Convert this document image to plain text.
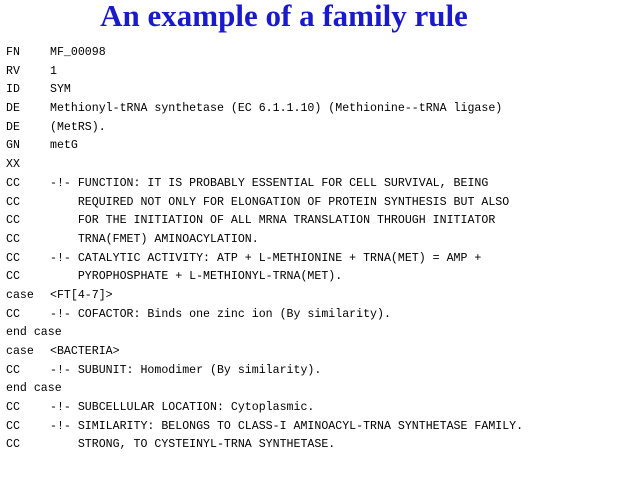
An example of a family rule
FN	MF_00098
RV	1
ID	SYM
DE	Methionyl-tRNA synthetase (EC 6.1.1.10) (Methionine--tRNA ligase)
DE	(MetRS).
GN	metG
XX
CC	-!- FUNCTION: IT IS PROBABLY ESSENTIAL FOR CELL SURVIVAL, BEING
CC	REQUIRED NOT ONLY FOR ELONGATION OF PROTEIN SYNTHESIS BUT ALSO
CC	FOR THE INITIATION OF ALL MRNA TRANSLATION THROUGH INITIATOR
CC	TRNA(FMET) AMINOACYLATION.
CC	-!- CATALYTIC ACTIVITY: ATP + L-METHIONINE + TRNA(MET) = AMP +
CC	PYROPHOSPHATE + L-METHIONYL-TRNA(MET).
case <FT[4-7]>
CC	-!- COFACTOR: Binds one zinc ion (By similarity).
end case
case <BACTERIA>
CC	-!- SUBUNIT: Homodimer (By similarity).
end case
CC	-!- SUBCELLULAR LOCATION: Cytoplasmic.
CC	-!- SIMILARITY: BELONGS TO CLASS-I AMINOACYL-TRNA SYNTHETASE FAMILY.
CC	STRONG, TO CYSTEINYL-TRNA SYNTHETASE.
